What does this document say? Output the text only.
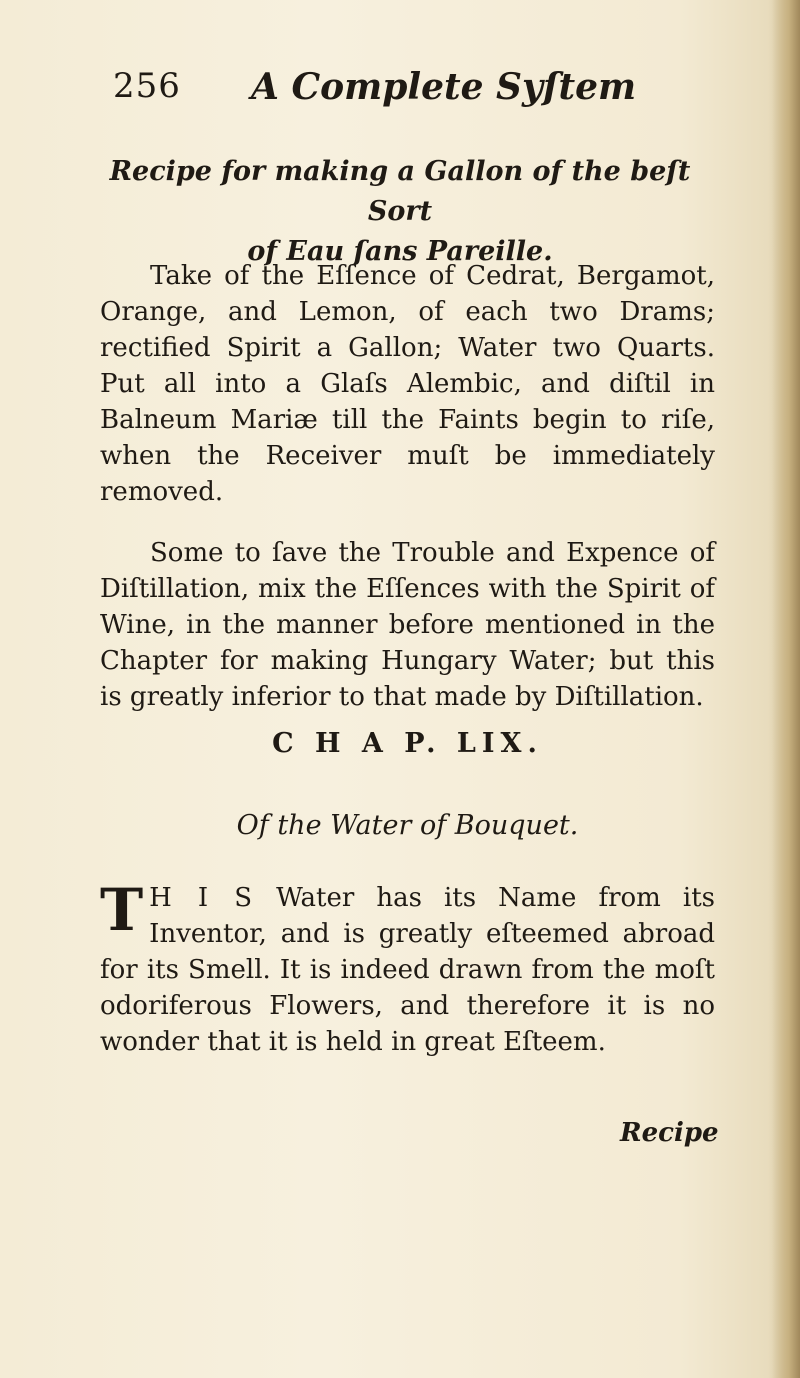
256 A Complete Syſtem
Recipe for making a Gallon of the beſt Sort
of Eau ſans Pareille.

Take of the Eſſence of Cedrat, Bergamot, Orange, and Lemon, of each two Drams; rectified Spirit a Gallon; Water two Quarts. Put all into a Glaſs Alembic, and diſtil in Balneum Mariæ till the Faints begin to riſe, when the Receiver muſt be immediately removed.

Some to ſave the Trouble and Expence of Diſtillation, mix the Eſſences with the Spirit of Wine, in the manner before mentioned in the Chapter for making Hungary Water; but this is greatly inferior to that made by Diſtillation.

C H A P. LIX.
Of the Water of Bouquet.

T H I S Water has its Name from its Inventor, and is greatly eſteemed abroad for its Smell. It is indeed drawn from the moſt odoriferous Flowers, and therefore it is no wonder that it is held in great Eſteem.

Recipe
